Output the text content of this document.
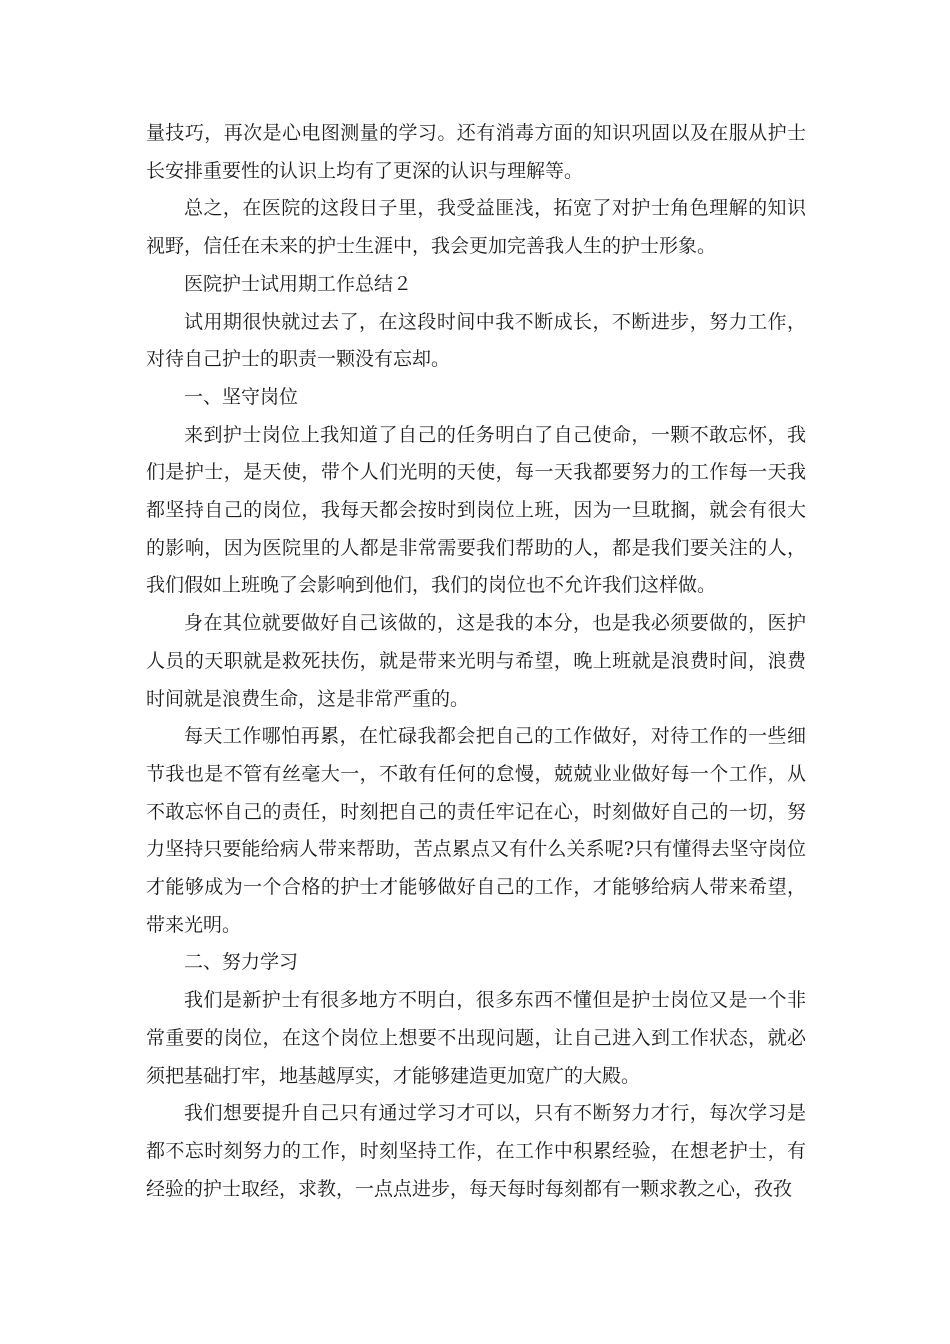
量技巧，再次是心电图测量的学习。还有消毒方面的知识巩固以及在服从护士长安排重要性的认识上均有了更深的认识与理解等。

总之，在医院的这段日子里，我受益匪浅，拓宽了对护士角色理解的知识视野，信任在未来的护士生涯中，我会更加完善我人生的护士形象。

医院护士试用期工作总结２

试用期很快就过去了，在这段时间中我不断成长，不断进步，努力工作，对待自己护士的职责一颗没有忘却。

一、坚守岗位

来到护士岗位上我知道了自己的任务明白了自己使命，一颗不敢忘怀，我们是护士，是天使，带个人们光明的天使，每一天我都要努力的工作每一天我都坚持自己的岗位，我每天都会按时到岗位上班，因为一旦耽搁，就会有很大的影响，因为医院里的人都是非常需要我们帮助的人，都是我们要关注的人，我们假如上班晚了会影响到他们，我们的岗位也不允许我们这样做。

身在其位就要做好自己该做的，这是我的本分，也是我必须要做的，医护人员的天职就是救死扶伤，就是带来光明与希望，晚上班就是浪费时间，浪费时间就是浪费生命，这是非常严重的。

每天工作哪怕再累，在忙碌我都会把自己的工作做好，对待工作的一些细节我也是不管有丝毫大一，不敢有任何的怠慢，兢兢业业做好每一个工作，从不敢忘怀自己的责任，时刻把自己的责任牢记在心，时刻做好自己的一切，努力坚持只要能给病人带来帮助，苦点累点又有什么关系呢?只有懂得去坚守岗位才能够成为一个合格的护士才能够做好自己的工作，才能够给病人带来希望，带来光明。

二、努力学习

我们是新护士有很多地方不明白，很多东西不懂但是护士岗位又是一个非常重要的岗位，在这个岗位上想要不出现问题，让自己进入到工作状态，就必须把基础打牢，地基越厚实，才能够建造更加宽广的大殿。

我们想要提升自己只有通过学习才可以，只有不断努力才行，每次学习是都不忘时刻努力的工作，时刻坚持工作，在工作中积累经验，在想老护士，有经验的护士取经，求教，一点点进步，每天每时每刻都有一颗求教之心，孜孜
